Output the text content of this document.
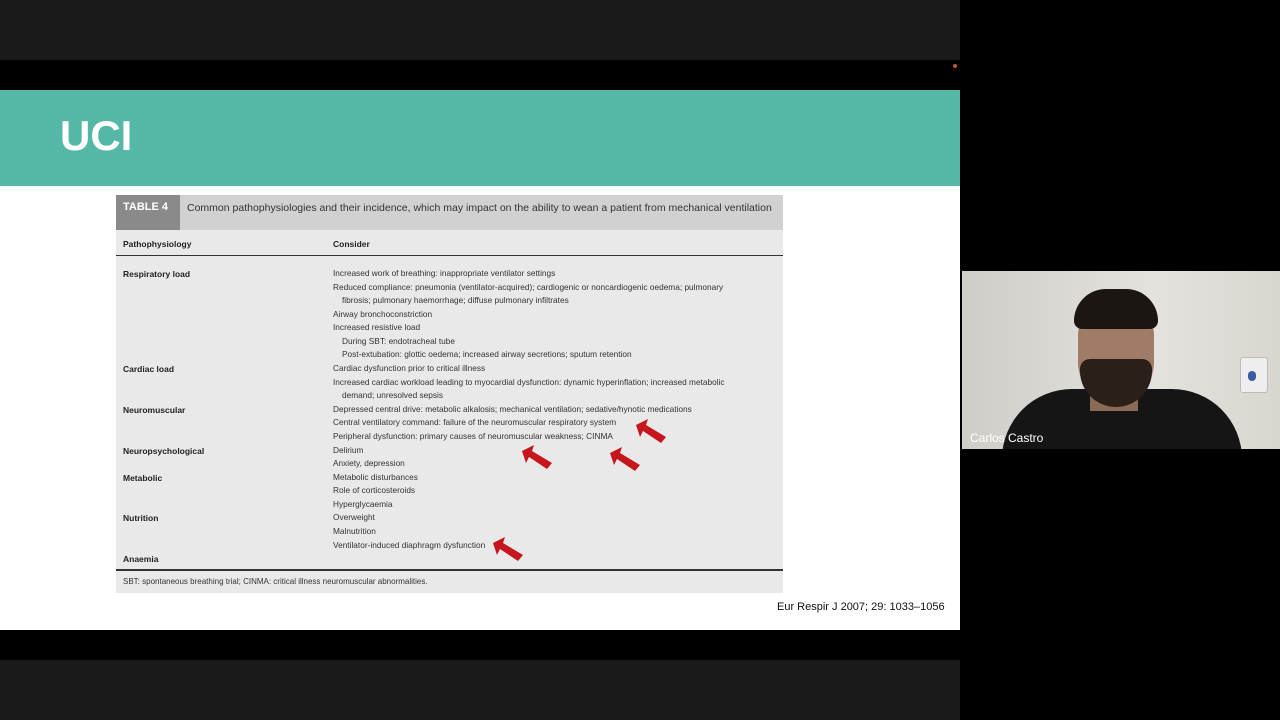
UCI
TABLE 4	Common pathophysiologies and their incidence, which may impact on the ability to wean a patient from mechanical ventilation
Pathophysiology	Consider
Respiratory load
Cardiac load
Neuromuscular
Neuropsychological
Metabolic
Nutrition
Anaemia
Increased work of breathing: inappropriate ventilator settings
Reduced compliance: pneumonia (ventilator-acquired); cardiogenic or noncardiogenic oedema; pulmonary
fibrosis; pulmonary haemorrhage; diffuse pulmonary infiltrates
Airway bronchoconstriction
Increased resistive load
During SBT: endotracheal tube
Post-extubation: glottic oedema; increased airway secretions; sputum retention
Cardiac dysfunction prior to critical illness
Increased cardiac workload leading to myocardial dysfunction: dynamic hyperinflation; increased metabolic
demand; unresolved sepsis
Depressed central drive: metabolic alkalosis; mechanical ventilation; sedative/hynotic medications
Central ventilatory command: failure of the neuromuscular respiratory system
Peripheral dysfunction: primary causes of neuromuscular weakness; CINMA
Delirium
Anxiety, depression
Metabolic disturbances
Role of corticosteroids
Hyperglycaemia
Overweight
Malnutrition
Ventilator-induced diaphragm dysfunction
SBT: spontaneous breathing trial; CINMA: critical illness neuromuscular abnormalities.
Eur Respir J 2007; 29: 1033–1056
Carlos Castro
